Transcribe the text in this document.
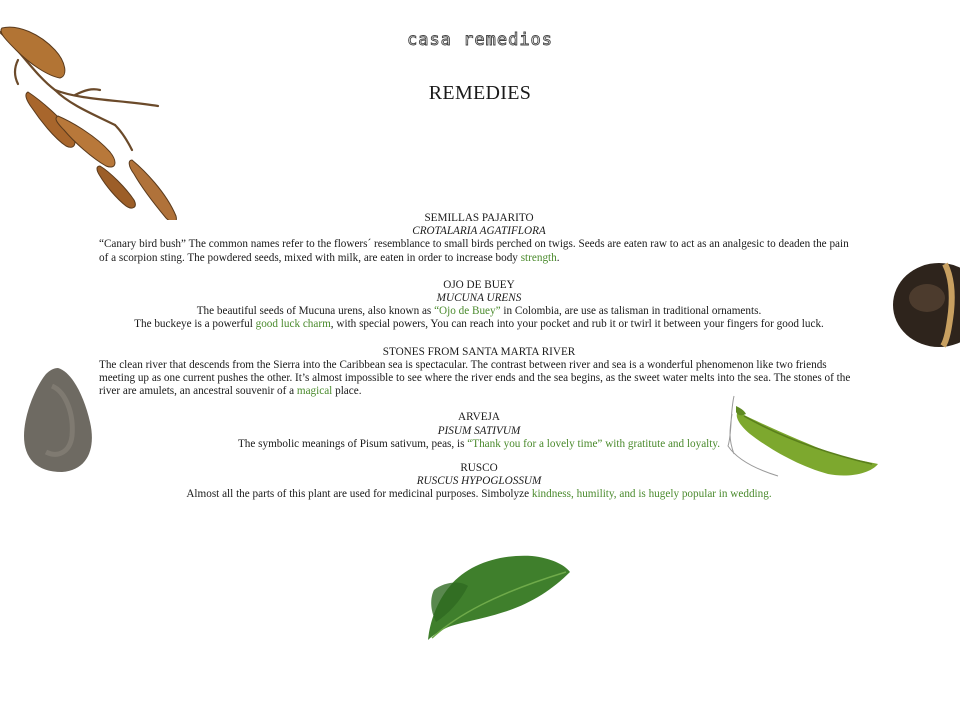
casa remedios
REMEDIES
SEMILLAS PAJARITO
CROTALARIA AGATIFLORA

“Canary bird bush” The common names refer to the flowers´ resemblance to small birds perched on twigs. Seeds are eaten raw to act as an analgesic to deaden the pain of a scorpion sting. The powdered seeds, mixed with milk, are eaten in order to increase body strength.

OJO DE BUEY
MUCUNA URENS

The beautiful seeds of Mucuna urens, also known as “Ojo de Buey” in Colombia, are use as talisman in traditional ornaments.

The buckeye is a powerful good luck charm, with special powers, You can reach into your pocket and rub it or twirl it between your fingers for good luck.

STONES FROM SANTA MARTA RIVER

The clean river that descends from the Sierra into the Caribbean sea is spectacular. The contrast between river and sea is a wonderful phenomenon like two friends meeting up as one current pushes the other. It’s almost impossible to see where the river ends and the sea begins, as the sweet water melts into the sea. The stones of the river are amulets, an ancestral souvenir of a magical place.

ARVEJA
PISUM SATIVUM

The symbolic meanings of Pisum sativum, peas, is “Thank you for a lovely time” with gratitute and loyalty.

RUSCO
RUSCUS HYPOGLOSSUM

Almost all the parts of this plant are used for medicinal purposes. Simbolyze kindness, humility, and is hugely popular in wedding.
